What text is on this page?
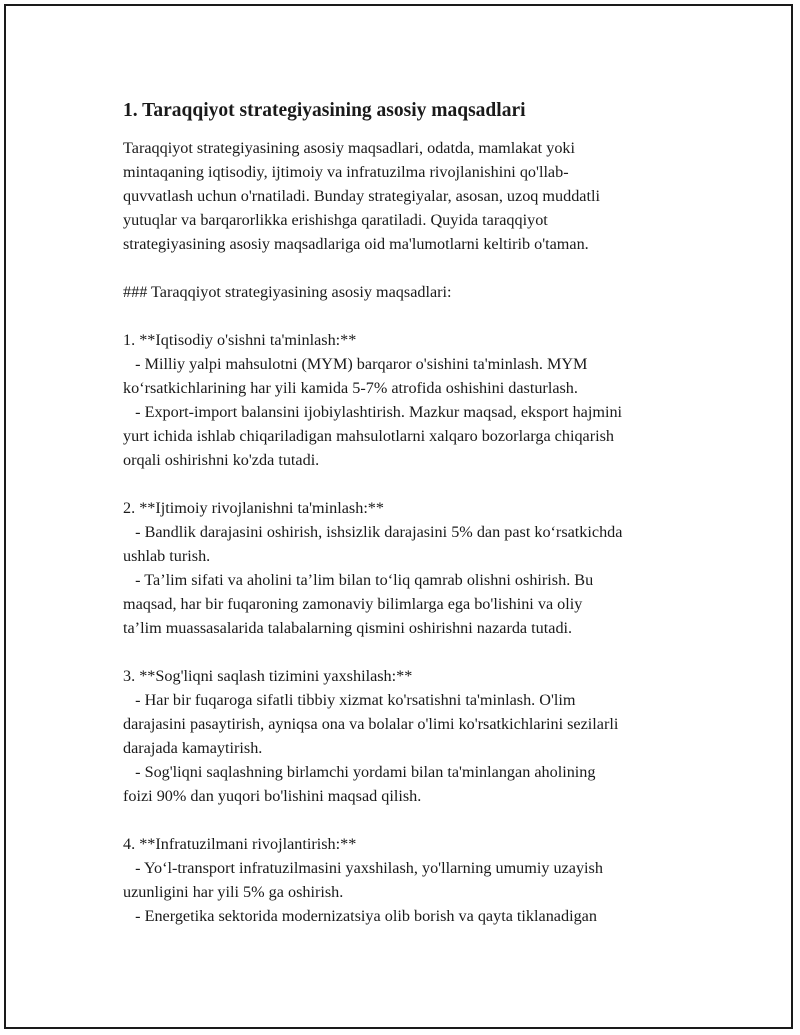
1. Taraqqiyot strategiyasining asosiy maqsadlari
Taraqqiyot strategiyasining asosiy maqsadlari, odatda, mamlakat yoki
mintaqaning iqtisodiy, ijtimoiy va infratuzilma rivojlanishini qo'llab-
quvvatlash uchun o'rnatiladi. Bunday strategiyalar, asosan, uzoq muddatli
yutuqlar va barqarorlikka erishishga qaratiladi. Quyida taraqqiyot
strategiyasining asosiy maqsadlariga oid ma'lumotlarni keltirib o'taman.
### Taraqqiyot strategiyasining asosiy maqsadlari:
1. **Iqtisodiy o'sishni ta'minlash:**
- Milliy yalpi mahsulotni (MYM) barqaror o'sishini ta'minlash. MYM
ko‘rsatkichlarining har yili kamida 5-7% atrofida oshishini dasturlash.
- Export-import balansini ijobiylashtirish. Mazkur maqsad, eksport hajmini
yurt ichida ishlab chiqariladigan mahsulotlarni xalqaro bozorlarga chiqarish
orqali oshirishni ko'zda tutadi.
2. **Ijtimoiy rivojlanishni ta'minlash:**
- Bandlik darajasini oshirish, ishsizlik darajasini 5% dan past ko‘rsatkichda
ushlab turish.
- Ta’lim sifati va aholini ta’lim bilan to‘liq qamrab olishni oshirish. Bu
maqsad, har bir fuqaroning zamonaviy bilimlarga ega bo'lishini va oliy
ta’lim muassasalarida talabalarning qismini oshirishni nazarda tutadi.
3. **Sog'liqni saqlash tizimini yaxshilash:**
- Har bir fuqaroga sifatli tibbiy xizmat ko'rsatishni ta'minlash. O'lim
darajasini pasaytirish, ayniqsa ona va bolalar o'limi ko'rsatkichlarini sezilarli
darajada kamaytirish.
- Sog'liqni saqlashning birlamchi yordami bilan ta'minlangan aholining
foizi 90% dan yuqori bo'lishini maqsad qilish.
4. **Infratuzilmani rivojlantirish:**
- Yo‘l-transport infratuzilmasini yaxshilash, yo'llarning umumiy uzayish
uzunligini har yili 5% ga oshirish.
- Energetika sektorida modernizatsiya olib borish va qayta tiklanadigan
